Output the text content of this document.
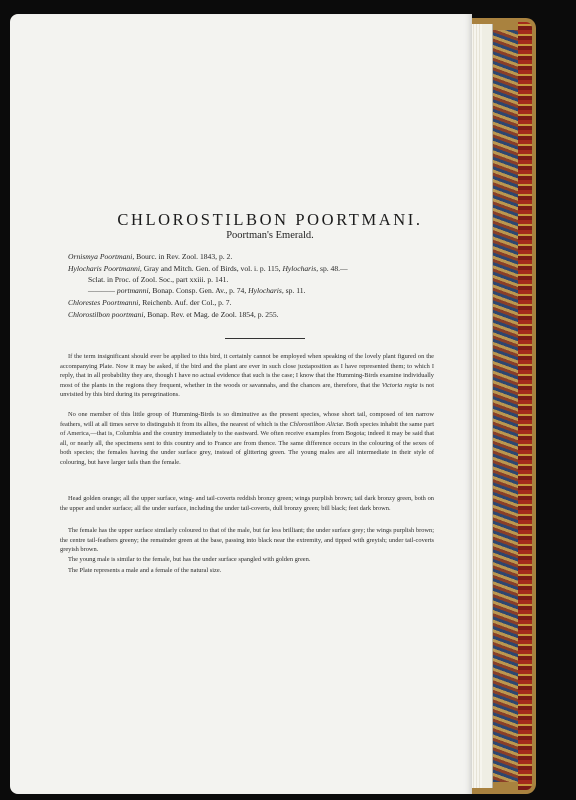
CHLOROSTILBON POORTMANI.
Poortman's Emerald.
Ornismya Poortmani, Bourc. in Rev. Zool. 1843, p. 2.
Hylocharis Poortmanni, Gray and Mitch. Gen. of Birds, vol. i. p. 115, Hylocharis, sp. 48.—
Sclat. in Proc. of Zool. Soc., part xxiii. p. 141.
———— portmanni, Bonap. Consp. Gen. Av., p. 74, Hylocharis, sp. 11.
Chlorestes Poortmanni, Reichenb. Auf. der Col., p. 7.
Chlorostilbon poortmani, Bonap. Rev. et Mag. de Zool. 1854, p. 255.

If the term insignificant should ever be applied to this bird, it certainly cannot be employed when speaking of the lovely plant figured on the accompanying Plate. Now it may be asked, if the bird and the plant are ever in such close juxtaposition as I have represented them; to which I reply, that in all probability they are, though I have no actual evidence that such is the case; I know that the Humming-Birds examine individually most of the plants in the regions they frequent, whether in the woods or savannahs, and the chances are, therefore, that the Victoria regia is not unvisited by this bird during its peregrinations.

No one member of this little group of Humming-Birds is so diminutive as the present species, whose short tail, composed of ten narrow feathers, will at all times serve to distinguish it from its allies, the nearest of which is the Chlorostilbon Aliciæ. Both species inhabit the same part of America,—that is, Columbia and the country immediately to the eastward. We often receive examples from Bogota; indeed it may be said that all, or nearly all, the specimens sent to this country and to France are from thence. The same difference occurs in the colouring of the sexes of both species; the females having the under surface grey, instead of glittering green. The young males are all intermediate in their style of colouring, but have larger tails than the female.

Head golden orange; all the upper surface, wing- and tail-coverts reddish bronzy green; wings purplish brown; tail dark bronzy green, both on the upper and under surface; all the under surface, including the under tail-coverts, dull bronzy green; bill black; feet dark brown.

The female has the upper surface similarly coloured to that of the male, but far less brilliant; the under surface grey; the wings purplish brown; the centre tail-feathers greeny; the remainder green at the base, passing into black near the extremity, and tipped with greyish; under tail-coverts greyish brown.

The young male is similar to the female, but has the under surface spangled with golden green.

The Plate represents a male and a female of the natural size.
